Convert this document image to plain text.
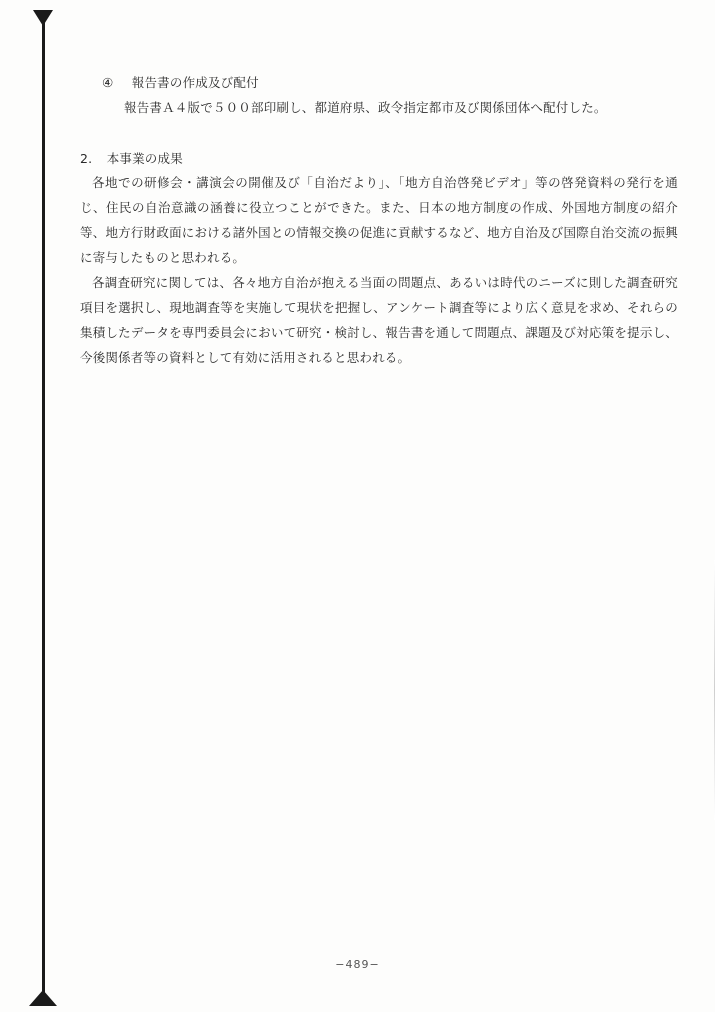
④ 報告書の作成及び配付
報告書Ａ４版で５００部印刷し、都道府県、政令指定都市及び関係団体へ配付した。
2. 本事業の成果

各地での研修会・講演会の開催及び「自治だより」、「地方自治啓発ビデオ」等の啓発資料の発行を通じ、住民の自治意識の涵養に役立つことができた。また、日本の地方制度の作成、外国地方制度の紹介等、地方行財政面における諸外国との情報交換の促進に貢献するなど、地方自治及び国際自治交流の振興に寄与したものと思われる。

各調査研究に関しては、各々地方自治が抱える当面の問題点、あるいは時代のニーズに則した調査研究項目を選択し、現地調査等を実施して現状を把握し、アンケート調査等により広く意見を求め、それらの集積したデータを専門委員会において研究・検討し、報告書を通して問題点、課題及び対応策を提示し、今後関係者等の資料として有効に活用されると思われる。

−489−
